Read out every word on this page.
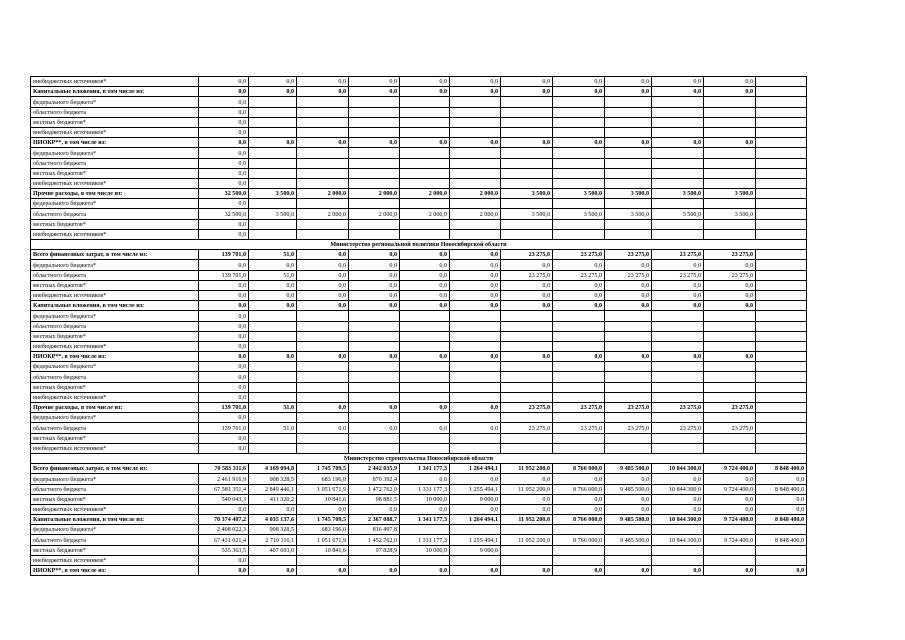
внебюджетных источников*	0,0	0,0	0,0	0,0	0,0	0,0	0,0	0,0	0,0	0,0	0,0	
Капитальные вложения, в том числе из:	0,0	0,0	0,0	0,0	0,0	0,0	0,0	0,0	0,0	0,0	0,0	
федерального бюджета*	0,0											
областного бюджета	0,0											
местных бюджетов*	0,0											
внебюджетных источников*	0,0											
НИОКР**, в том числе из:	0,0	0,0	0,0	0,0	0,0	0,0	0,0	0,0	0,0	0,0	0,0	
федерального бюджета*	0,0											
областного бюджета	0,0											
местных бюджетов*	0,0											
внебюджетных источников*	0,0											
Прочие расходы, в том числе из:	32 500,0	3 500,0	2 000,0	2 000,0	2 000,0	2 000,0	3 500,0	3 500,0	3 500,0	3 500,0	3 500,0	
федерального бюджета*	0,0											
областного бюджета	32 500,0	3 500,0	2 000,0	2 000,0	2 000,0	2 000,0	3 500,0	3 500,0	3 500,0	3 500,0	3 500,0	
местных бюджетов*	0,0											
внебюджетных источников*	0,0											
Министерство региональной политики Новосибирской области												
Всего финансовых затрат, в том числе из:	139 701,0	51,0	0,0	0,0	0,0	0,0	23 275,0	23 275,0	23 275,0	23 275,0	23 275,0	
федерального бюджета*	0,0	0,0	0,0	0,0	0,0	0,0	0,0	0,0	0,0	0,0	0,0	
областного бюджета	139 701,0	51,0	0,0	0,0	0,0	0,0	23 275,0	23 275,0	23 275,0	23 275,0	23 275,0	
местных бюджетов*	0,0	0,0	0,0	0,0	0,0	0,0	0,0	0,0	0,0	0,0	0,0	
внебюджетных источников*	0,0	0,0	0,0	0,0	0,0	0,0	0,0	0,0	0,0	0,0	0,0	
Капитальные вложения, в том числе из:	0,0	0,0	0,0	0,0	0,0	0,0	0,0	0,0	0,0	0,0	0,0	
федерального бюджета*	0,0											
областного бюджета	0,0											
местных бюджетов*	0,0											
внебюджетных источников*	0,0											
НИОКР**, в том числе из:	0,0	0,0	0,0	0,0	0,0	0,0	0,0	0,0	0,0	0,0	0,0	
федерального бюджета*	0,0											
областного бюджета	0,0											
местных бюджетов*	0,0											
внебюджетных источников*	0,0											
Прочие расходы, в том числе из:	139 701,0	51,0	0,0	0,0	0,0	0,0	23 275,0	23 275,0	23 275,0	23 275,0	23 275,0	
федерального бюджета*	0,0											
областного бюджета	139 701,0	51,0	0,0	0,0	0,0	0,0	23 275,0	23 275,0	23 275,0	23 275,0	23 275,0	
местных бюджетов*	0,0											
внебюджетных источников*	0,0											
Министерство строительства Новосибирской области												
Всего финансовых затрат, в том числе из:	70 583 311,6	4 169 094,8	1 745 709,5	2 442 035,9	1 341 177,3	1 264 494,1	11 952 200,0	8 766 000,0	9 485 500,0	10 844 300,0	9 724 400,0	8 848 400,0
федерального бюджета*	2 461 916,9	908 328,5	683 196,0	870 392,4	0,0	0,0	0,0	0,0	0,0	0,0	0,0	0,0
областного бюджета	67 581 351,4	2 849 446,1	1 051 671,9	1 472 762,0	1 331 177,3	1 255 494,1	11 952 200,0	8 766 000,0	9 485 500,0	10 844 300,0	9 724 400,0	8 848 400,0
местных бюджетов*	540 043,3	411 320,2	10 841,6	98 881,5	10 000,0	9 000,0	0,0	0,0	0,0	0,0	0,0	0,0
внебюджетных источников*	0,0	0,0	0,0	0,0	0,0	0,0	0,0	0,0	0,0	0,0	0,0	0,0
Капитальные вложения, в том числе из:	70 374 407,2	4 035 137,6	1 745 709,5	2 367 088,7	1 341 177,3	1 264 494,1	11 952 200,0	8 766 000,0	9 485 500,0	10 844 300,0	9 724 400,0	8 848 400,0
федерального бюджета*	2 408 022,3	908 328,5	683 196,0	816 497,8								
областного бюджета	67 431 021,4	2 719 116,1	1 051 671,9	1 452 762,0	1 331 177,3	1 255 494,1	11 952 200,0	8 766 000,0	9 485 500,0	10 844 300,0	9 724 400,0	8 848 400,0
местных бюджетов*	535 363,5	407 693,0	10 841,6	97 828,9	10 000,0	9 000,0						
внебюджетных источников*	0,0											
НИОКР**, в том числе из:	0,0	0,0	0,0	0,0	0,0	0,0	0,0	0,0	0,0	0,0	0,0	0,0
